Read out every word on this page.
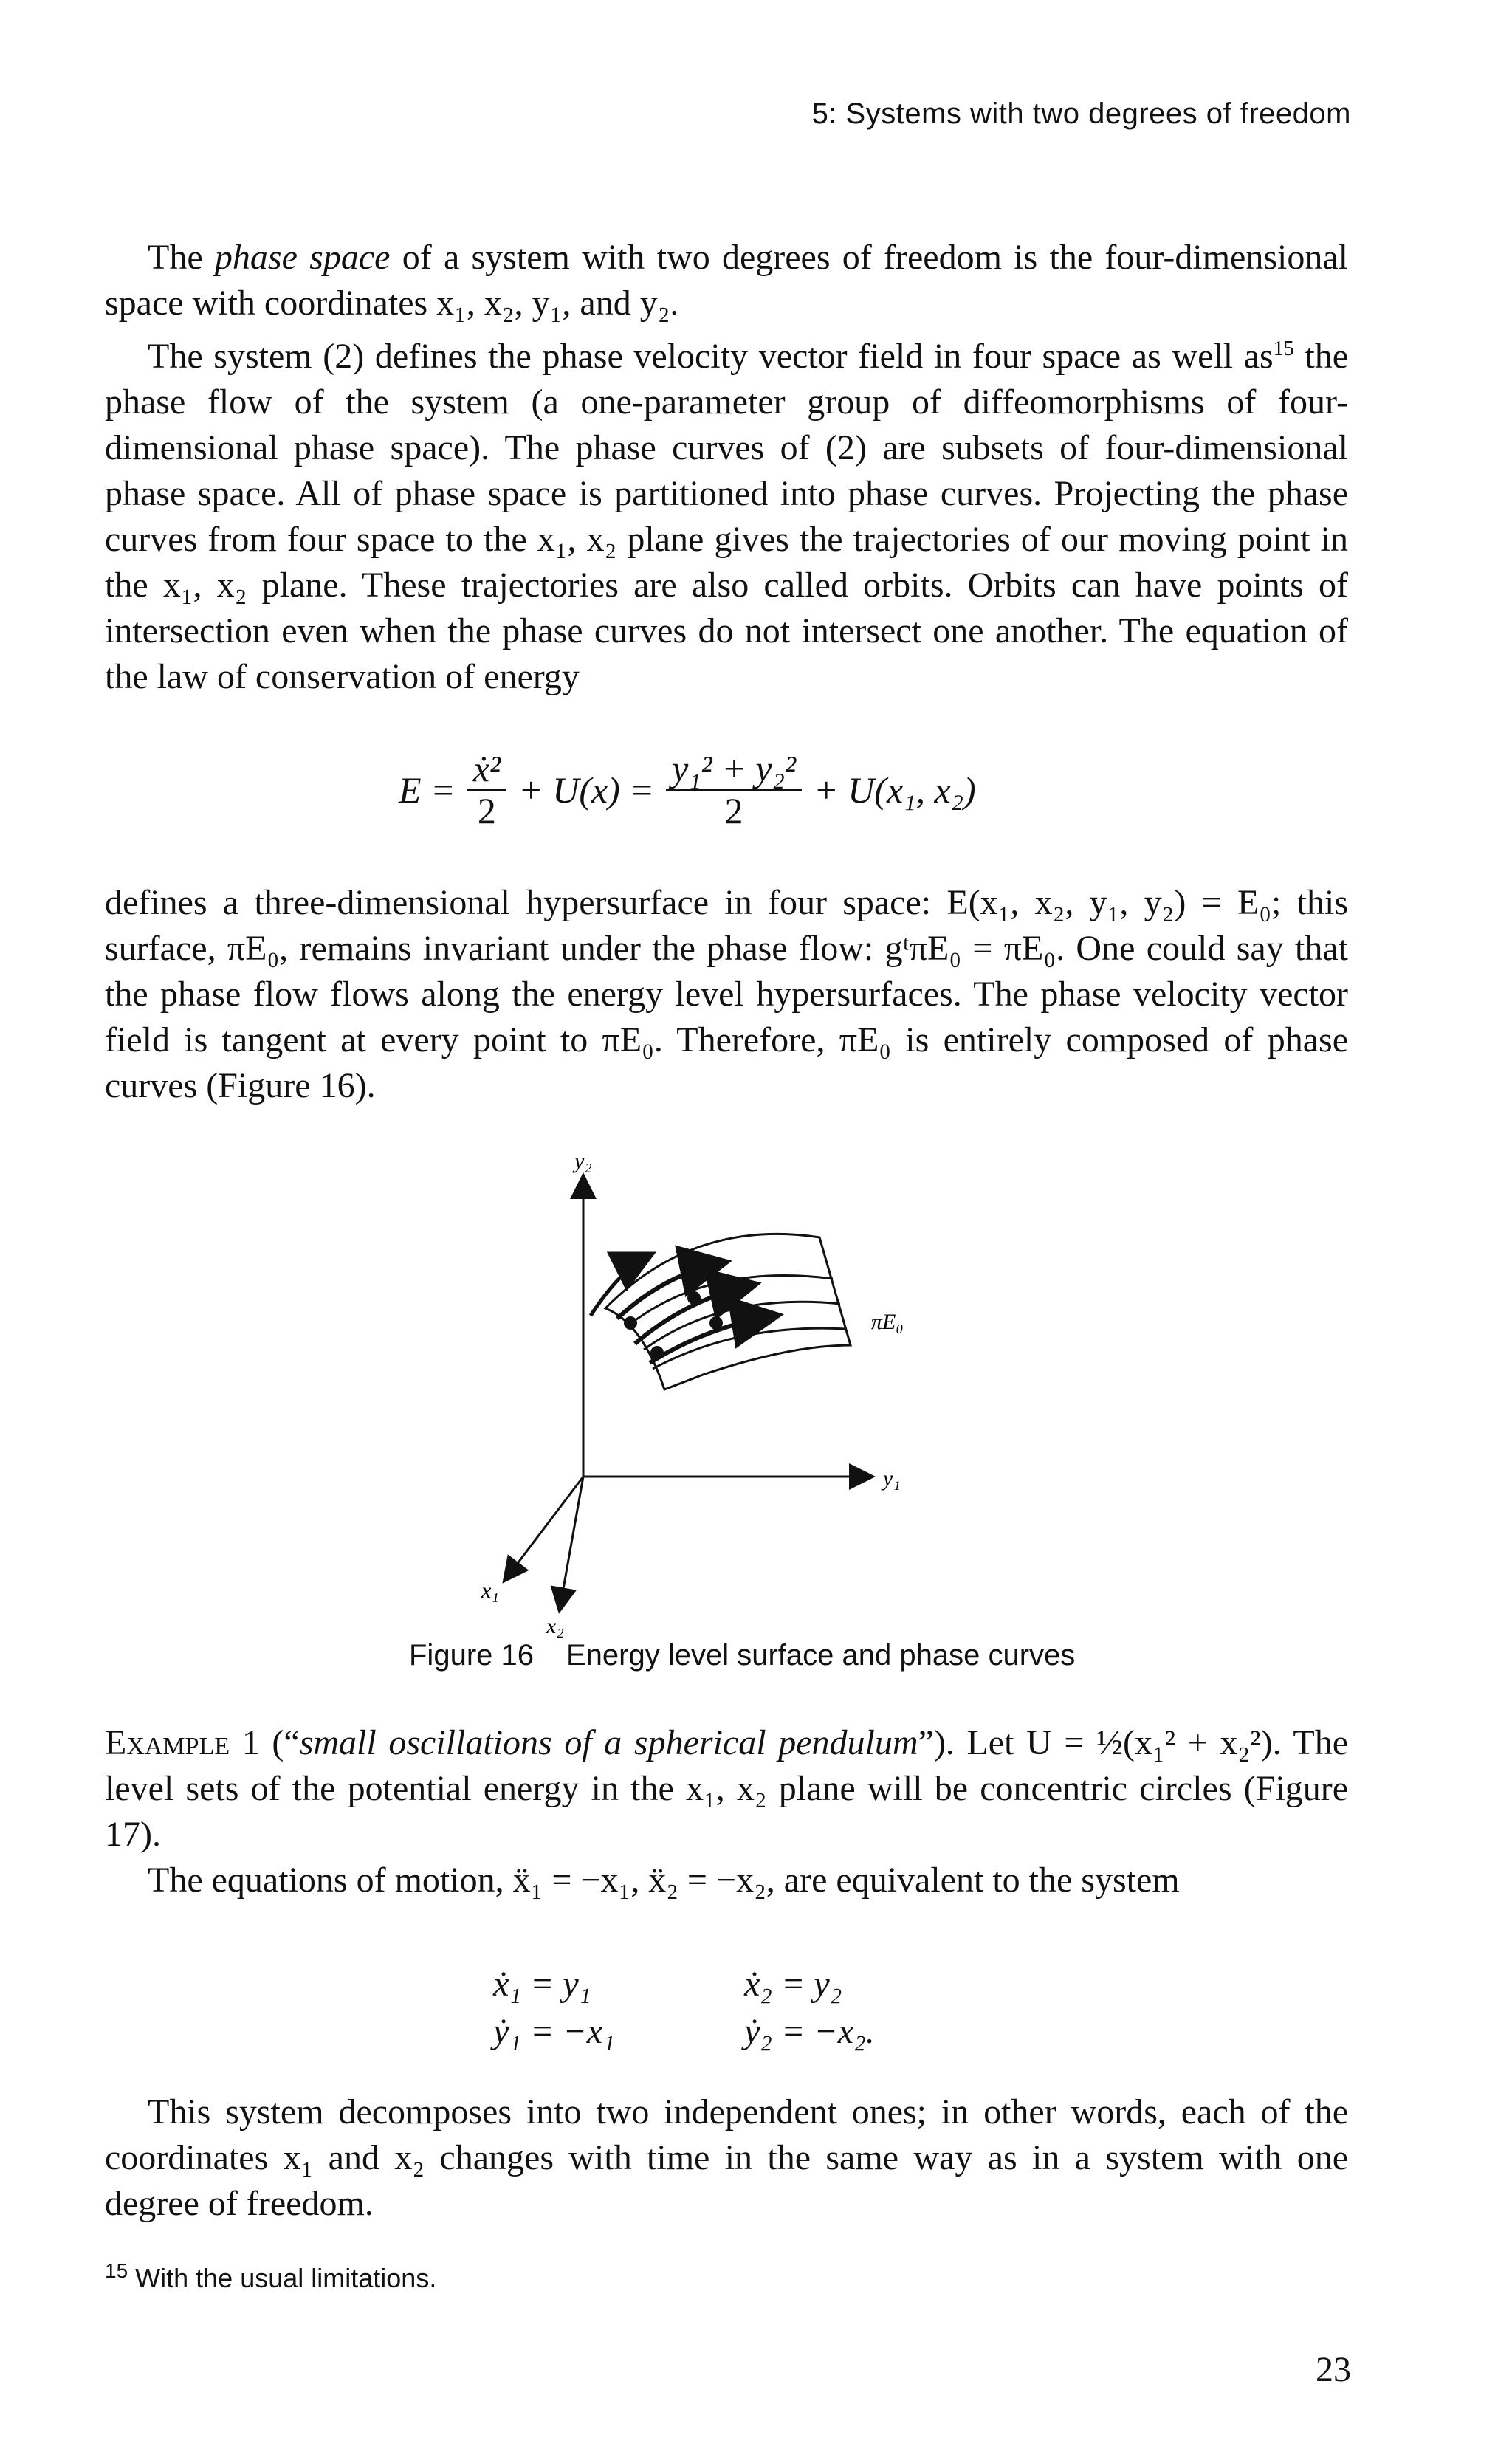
5: Systems with two degrees of freedom
The phase space of a system with two degrees of freedom is the four-dimensional space with coordinates x₁, x₂, y₁, and y₂.
The system (2) defines the phase velocity vector field in four space as well as$^{15}$ the phase flow of the system (a one-parameter group of diffeomorphisms of four-dimensional phase space). The phase curves of (2) are subsets of four-dimensional phase space. All of phase space is partitioned into phase curves. Projecting the phase curves from four space to the x₁, x₂ plane gives the trajectories of our moving point in the x₁, x₂ plane. These trajectories are also called orbits. Orbits can have points of intersection even when the phase curves do not intersect one another. The equation of the law of conservation of energy
$E = \frac{\text{ẋ²}}{2} + U(x) = \frac{\text{y₁² + y₂²}}{2} + U(x_1$, x₂)
defines a three-dimensional hypersurface in four space: E(x₁, x₂, y₁, y₂) = E₀; this surface, πE₀, remains invariant under the phase flow: gᵗπE₀ = πE₀. One could say that the phase flow flows along the energy level hypersurfaces. The phase velocity vector field is tangent at every point to πE₀. Therefore, πE₀ is entirely composed of phase curves (Figure 16).
y₂
y₁
x₁
x₂
πE₀
Figure 16 Energy level surface and phase curves
Example 1 (“small oscillations of a spherical pendulum”). Let U = ½(x₁² + x₂²). The level sets of the potential energy in the x₁, x₂ plane will be concentric circles (Figure 17).
The equations of motion, ẍ₁ = −x₁, ẍ₂ = −x₂, are equivalent to the system
ẋ₁ = y₁	ẋ₂ = y₂
ẏ₁ = −x₁	ẏ₂ = −x₂.
This system decomposes into two independent ones; in other words, each of the coordinates x₁ and x₂ changes with time in the same way as in a system with one degree of freedom.
$^{15}$ With the usual limitations.
23
